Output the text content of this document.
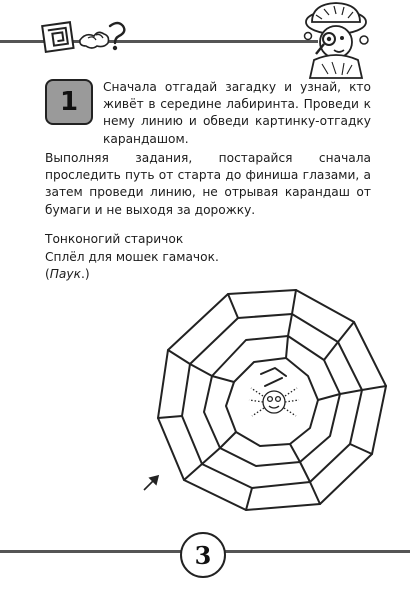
1 Сначала отгадай загадку и узнай, кто живёт в середине лабиринта. Проведи к нему линию и обведи картинку-отгадку карандашом.
Выполняя задания, постарайся сначала проследить путь от старта до финиша глазами, а затем проведи линию, не отрывая карандаш от бумаги и не выходя за дорожку.
Тонконогий старичок
Сплёл для мошек гамачок.
(Паук.)
3
